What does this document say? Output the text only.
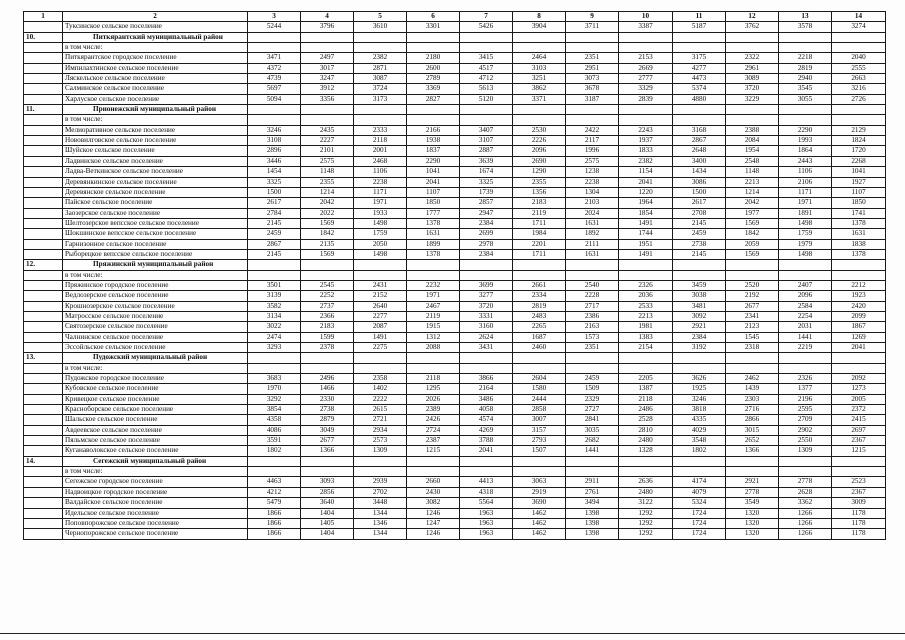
1	2	3	4	5	6	7	8	9	10	11	12	13	14
	Туксинское сельское поселение	5244	3796	3610	3301	5426	3904	3711	3387	5187	3762	3578	3274
10.	Питкярантский муниципальный район												
	в том числе:												
	Питкярантское городское поселение	3471	2497	2382	2180	3415	2464	2351	2153	3175	2322	2218	2040
	Импилахтинское сельское поселение	4372	3017	2871	2600	4517	3103	2951	2669	4277	2961	2819	2555
	Ляскельское сельское поселение	4739	3247	3087	2789	4712	3251	3073	2777	4473	3089	2940	2663
	Салминское сельское поселение	5697	3912	3724	3369	5613	3862	3678	3329	5374	3720	3545	3216
	Харлуское сельское поселение	5094	3356	3173	2827	5120	3371	3187	2839	4880	3229	3055	2726
11.	Прионежский муниципальный район												
	в том числе:												
	Мелиоративное сельское поселение	3246	2435	2333	2166	3407	2530	2422	2243	3168	2388	2290	2129
	Нововилговское сельское поселение	3108	2227	2118	1938	3107	2226	2117	1937	2867	2084	1993	1824
	Шуйское сельское поселение	2896	2101	2001	1837	2887	2096	1996	1833	2648	1954	1864	1720
	Ладвинское сельское поселение	3446	2575	2468	2290	3639	2690	2575	2382	3400	2548	2443	2268
	Ладва-Веткинское сельское поселение	1454	1148	1106	1041	1674	1290	1238	1154	1434	1148	1106	1041
	Деревянкинское сельское поселение	3325	2355	2238	2041	3325	2355	2238	2041	3086	2213	2106	1927
	Деревянское сельское поселение	1500	1214	1171	1107	1739	1356	1304	1220	1500	1214	1171	1107
	Пайское сельское поселение	2617	2042	1971	1850	2857	2183	2103	1964	2617	2042	1971	1850
	Заозерское сельское поселение	2784	2022	1933	1777	2947	2119	2024	1854	2708	1977	1891	1741
	Шелтозерское вепсское сельское поселение	2145	1569	1498	1378	2384	1711	1631	1491	2145	1569	1498	1378
	Шокшинское вепсское сельское поселение	2459	1842	1759	1631	2699	1984	1892	1744	2459	1842	1759	1631
	Гарнизонное сельское поселение	2867	2135	2050	1899	2978	2201	2111	1951	2738	2059	1979	1838
	Рыборецкое вепсское сельское поселение	2145	1569	1498	1378	2384	1711	1631	1491	2145	1569	1498	1378
12.	Пряжинский муниципальный район												
	в том числе:												
	Пряжинское городское поселение	3501	2545	2431	2232	3699	2661	2540	2326	3459	2520	2407	2212
	Ведлозерское сельское поселение	3139	2252	2152	1971	3277	2334	2228	2036	3038	2192	2096	1923
	Крошнозерское сельское поселение	3582	2737	2640	2467	3720	2819	2717	2533	3481	2677	2584	2420
	Матросское сельское поселение	3134	2366	2277	2119	3331	2483	2386	2213	3092	2341	2254	2099
	Святозерское сельское поселение	3022	2183	2087	1915	3160	2265	2163	1981	2921	2123	2031	1867
	Чалнинское сельское поселение	2474	1599	1491	1312	2624	1687	1573	1383	2384	1545	1441	1269
	Эссойльское сельское поселение	3293	2378	2275	2088	3431	2460	2351	2154	3192	2318	2219	2041
13.	Пудожский муниципальный район												
	в том числе:												
	Пудожское городское поселение	3683	2496	2358	2118	3866	2604	2459	2205	3626	2462	2326	2092
	Кубовское сельское поселение	1970	1466	1402	1295	2164	1580	1509	1387	1925	1439	1377	1273
	Кривецкое сельское поселение	3292	2330	2222	2026	3486	2444	2329	2118	3246	2303	2196	2005
	Красноборское сельское поселение	3854	2738	2615	2389	4058	2858	2727	2486	3818	2716	2595	2372
	Шальское сельское поселение	4358	2879	2721	2426	4574	3007	2841	2528	4335	2866	2709	2415
	Авдеевское сельское поселение	4086	3049	2934	2724	4269	3157	3035	2810	4029	3015	2902	2697
	Пяльмское сельское поселение	3591	2677	2573	2387	3788	2793	2682	2480	3548	2652	2550	2367
	Куганаволокское сельское поселение	1802	1366	1309	1215	2041	1507	1441	1328	1802	1366	1309	1215
14.	Сегежский муниципальный район												
	в том числе:												
	Сегежское городское поселение	4463	3093	2939	2660	4413	3063	2911	2636	4174	2921	2778	2523
	Надвоицкое городское поселение	4212	2856	2702	2430	4318	2919	2761	2480	4079	2778	2628	2367
	Валдайское сельское поселение	5479	3640	3448	3082	5564	3690	3494	3122	5324	3549	3362	3009
	Идельское сельское поселение	1866	1404	1344	1246	1963	1462	1398	1292	1724	1320	1266	1178
	Поповпорожское сельское поселение	1866	1405	1346	1247	1963	1462	1398	1292	1724	1320	1266	1178
	Чернопорожское сельское поселение	1866	1404	1344	1246	1963	1462	1398	1292	1724	1320	1266	1178
